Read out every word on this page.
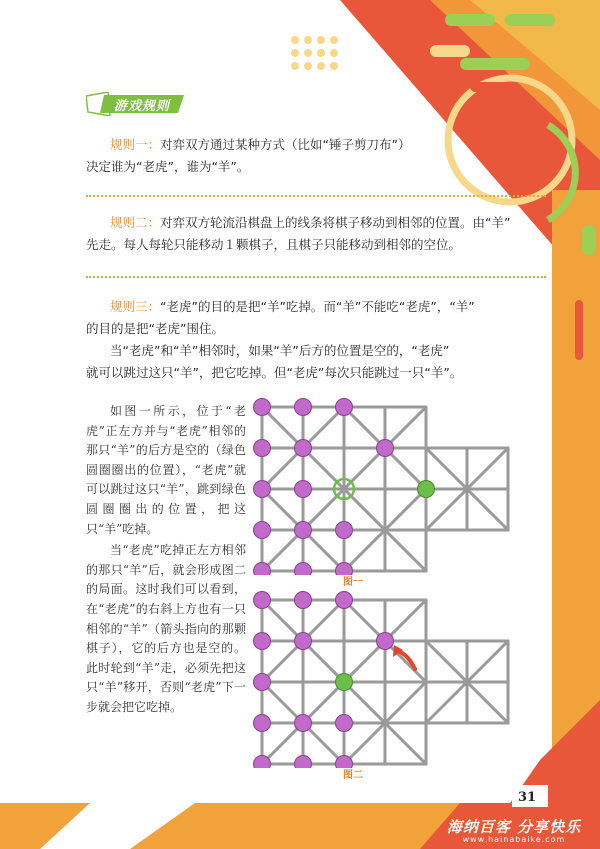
游戏规则
规则一：对弈双方通过某种方式（比如“锤子剪刀布”）
决定谁为“老虎”，谁为“羊”。
规则二：对弈双方轮流沿棋盘上的线条将棋子移动到相邻的位置。由“羊”
先走。每人每轮只能移动１颗棋子，且棋子只能移动到相邻的空位。
规则三：“老虎”的目的是把“羊”吃掉。而“羊”不能吃“老虎”，“羊”
的目的是把“老虎”围住。
当“老虎”和“羊”相邻时，如果“羊”后方的位置是空的，“老虎”
就可以跳过这只“羊”，把它吃掉。但“老虎”每次只能跳过一只“羊”。

如图一所示，位于“老虎”正左方并与“老虎”相邻的那只“羊”的后方是空的（绿色圆圈圈出的位置），“老虎”就可以跳过这只“羊”，跳到绿色圆圈圈出的位置，把这只“羊”吃掉。

当“老虎”吃掉正左方相邻的那只“羊”后，就会形成图二的局面。这时我们可以看到，在“老虎”的右斜上方也有一只相邻的“羊”（箭头指向的那颗棋子），它的后方也是空的。此时轮到“羊”走，必须先把这只“羊”移开，否则“老虎”下一步就会把它吃掉。

图一
图二
31
海纳百客 分享快乐
www.hainabaike.com
